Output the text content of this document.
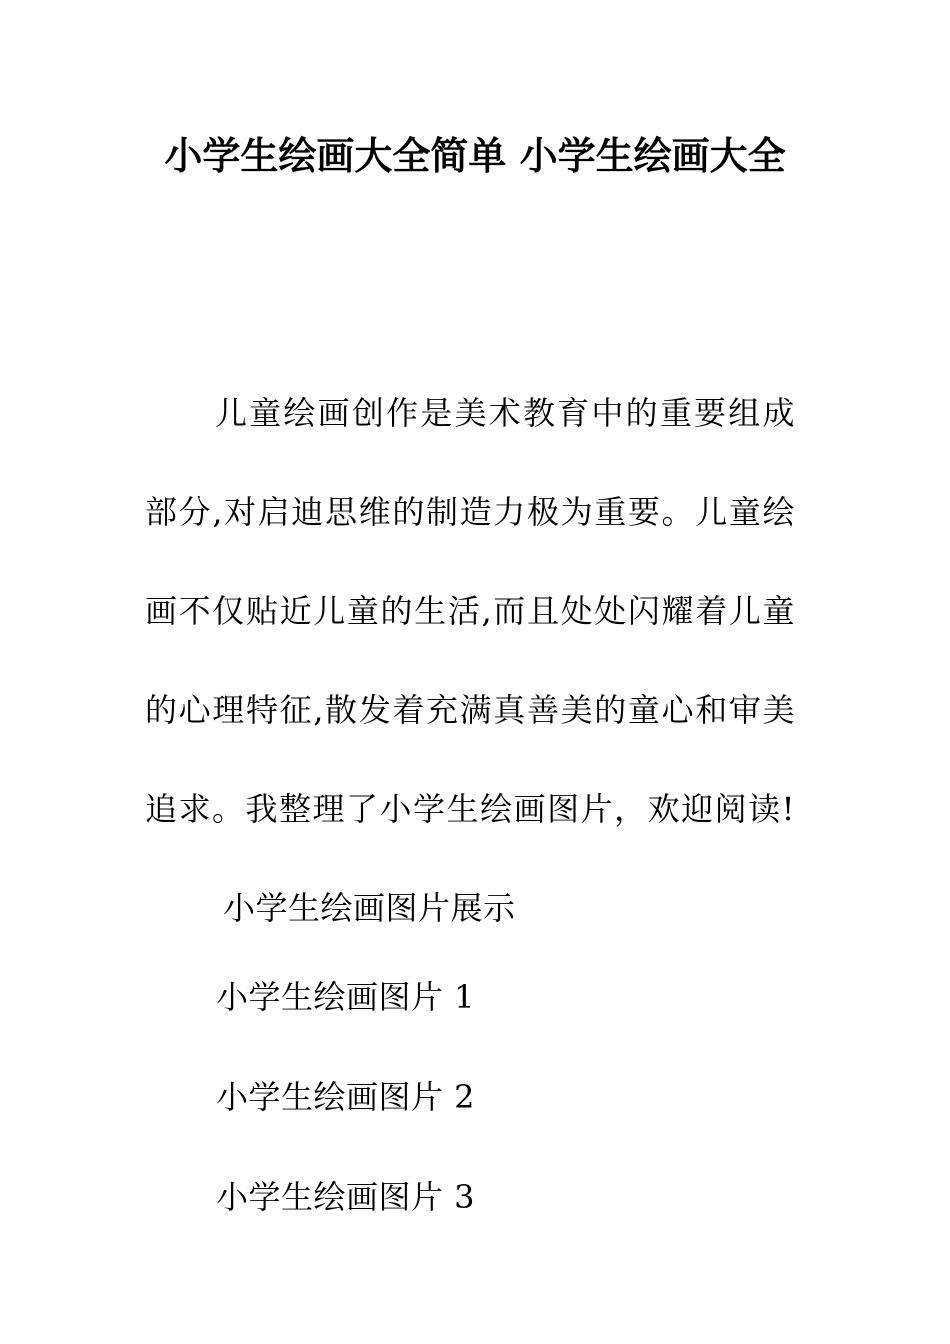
小学生绘画大全简单 小学生绘画大全

儿童绘画创作是美术教育中的重要组成部分,对启迪思维的制造力极为重要。儿童绘画不仅贴近儿童的生活,而且处处闪耀着儿童的心理特征,散发着充满真善美的童心和审美追求。我整理了小学生绘画图片，欢迎阅读!小学生绘画图片展示

小学生绘画图片 1
小学生绘画图片 2
小学生绘画图片 3
